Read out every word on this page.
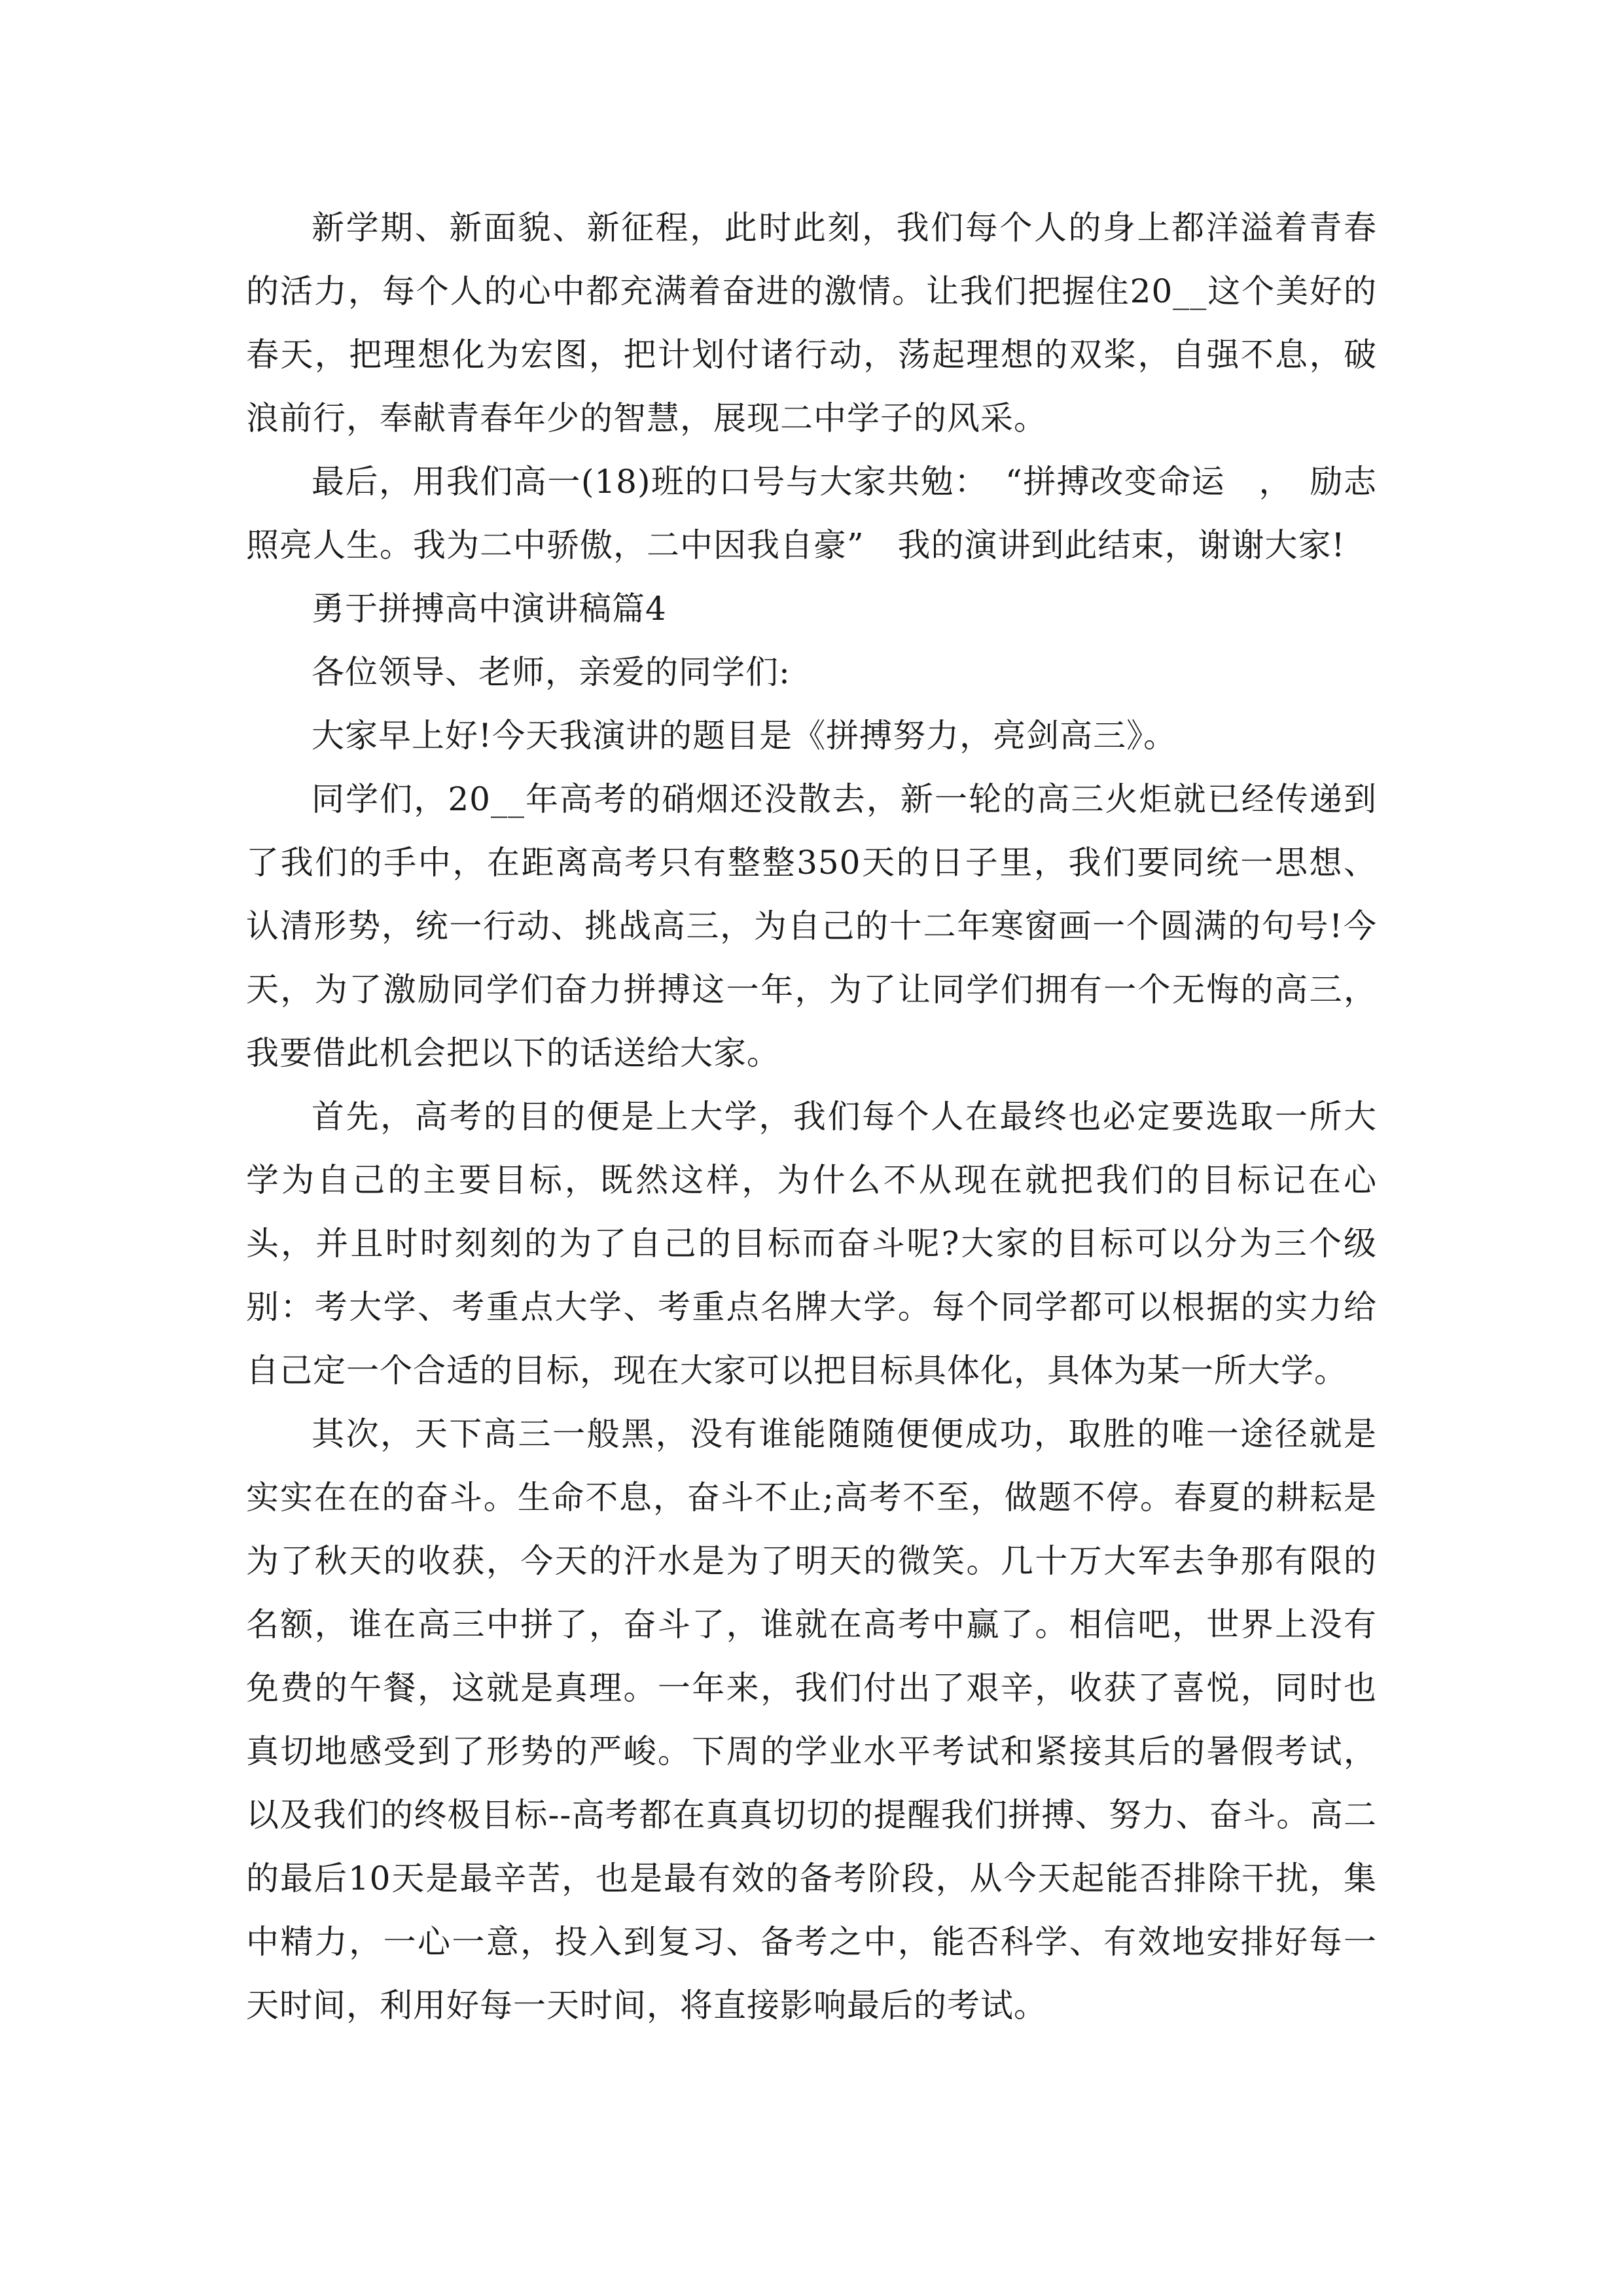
新学期、新面貌、新征程，此时此刻，我们每个人的身上都洋溢着青春的活力，每个人的心中都充满着奋进的激情。让我们把握住20__这个美好的春天，把理想化为宏图，把计划付诸行动，荡起理想的双桨，自强不息，破浪前行，奉献青春年少的智慧，展现二中学子的风采。

最后，用我们高一(18)班的口号与大家共勉：　“拼搏改变命运　，　励志照亮人生。我为二中骄傲，二中因我自豪”　我的演讲到此结束，谢谢大家!

勇于拼搏高中演讲稿篇4

各位领导、老师，亲爱的同学们:

大家早上好!今天我演讲的题目是《拼搏努力，亮剑高三》。

同学们，20__年高考的硝烟还没散去，新一轮的高三火炬就已经传递到了我们的手中，在距离高考只有整整350天的日子里，我们要同统一思想、认清形势，统一行动、挑战高三，为自己的十二年寒窗画一个圆满的句号!今天，为了激励同学们奋力拼搏这一年，为了让同学们拥有一个无悔的高三，我要借此机会把以下的话送给大家。

首先，高考的目的便是上大学，我们每个人在最终也必定要选取一所大学为自己的主要目标，既然这样，为什么不从现在就把我们的目标记在心头，并且时时刻刻的为了自己的目标而奋斗呢?大家的目标可以分为三个级别：考大学、考重点大学、考重点名牌大学。每个同学都可以根据的实力给自己定一个合适的目标，现在大家可以把目标具体化，具体为某一所大学。

其次，天下高三一般黑，没有谁能随随便便成功，取胜的唯一途径就是实实在在的奋斗。生命不息，奋斗不止;高考不至，做题不停。春夏的耕耘是为了秋天的收获，今天的汗水是为了明天的微笑。几十万大军去争那有限的名额，谁在高三中拼了，奋斗了，谁就在高考中赢了。相信吧，世界上没有免费的午餐，这就是真理。一年来，我们付出了艰辛，收获了喜悦，同时也真切地感受到了形势的严峻。下周的学业水平考试和紧接其后的暑假考试，以及我们的终极目标--高考都在真真切切的提醒我们拼搏、努力、奋斗。高二的最后10天是最辛苦，也是最有效的备考阶段，从今天起能否排除干扰，集中精力，一心一意，投入到复习、备考之中，能否科学、有效地安排好每一天时间，利用好每一天时间，将直接影响最后的考试。
